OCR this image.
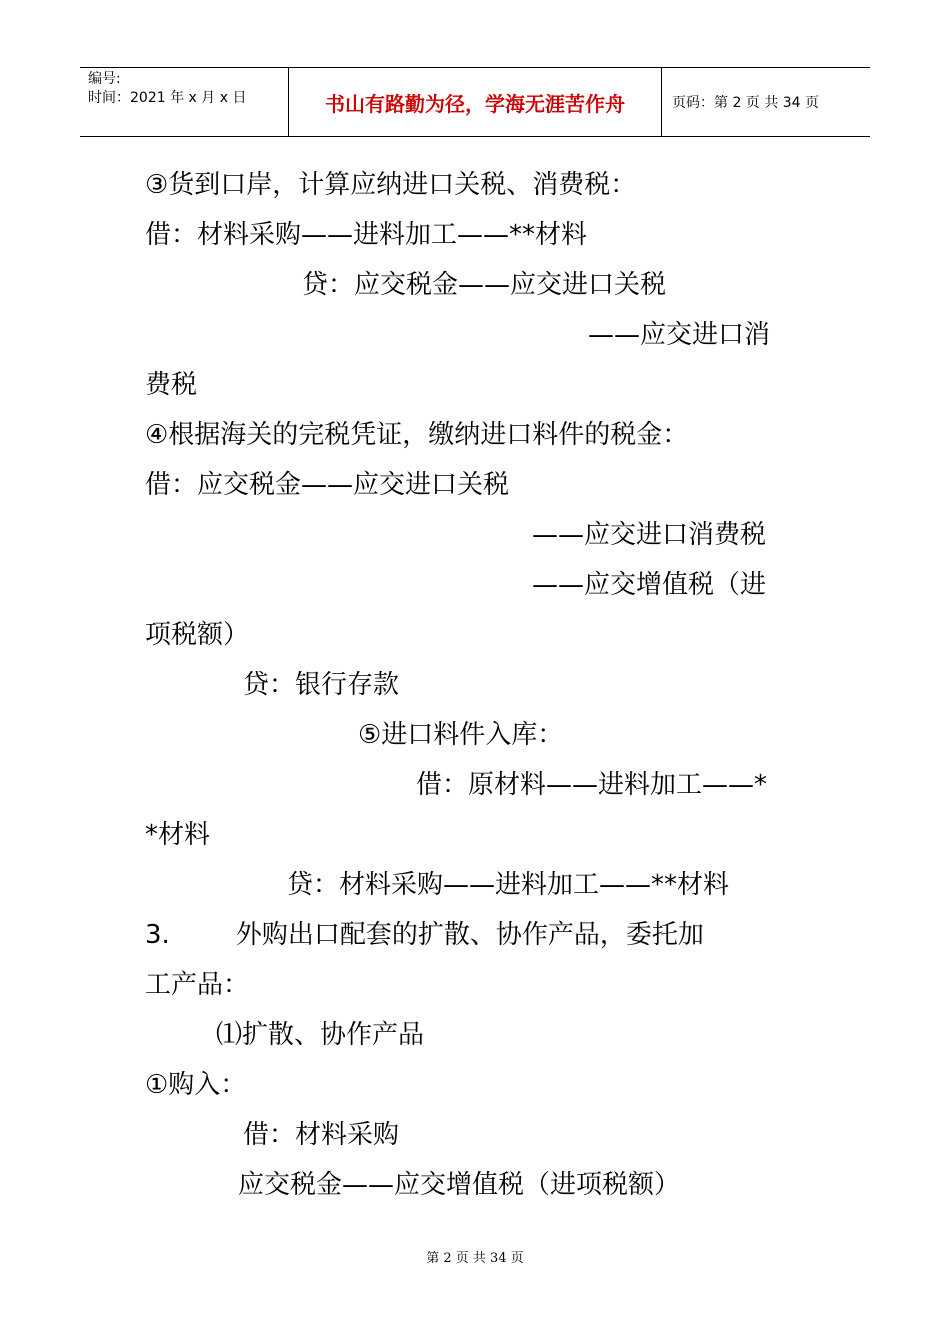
编号:
时间：2021 年 x 月 x 日	书山有路勤为径，学海无涯苦作舟	页码：第 2 页 共 34 页
③货到口岸，计算应纳进口关税、消费税：
借：材料采购——进料加工——**材料
贷：应交税金——应交进口关税
——应交进口消
费税
④根据海关的完税凭证，缴纳进口料件的税金：
借：应交税金——应交进口关税
——应交进口消费税
——应交增值税（进
项税额）
贷：银行存款
⑤进口料件入库：
借：原材料——进料加工——*
*材料
贷：材料采购——进料加工——**材料
3.        外购出口配套的扩散、协作产品，委托加
工产品：
⑴扩散、协作产品
①购入：
借：材料采购
应交税金——应交增值税（进项税额）
第 2 页 共 34 页
